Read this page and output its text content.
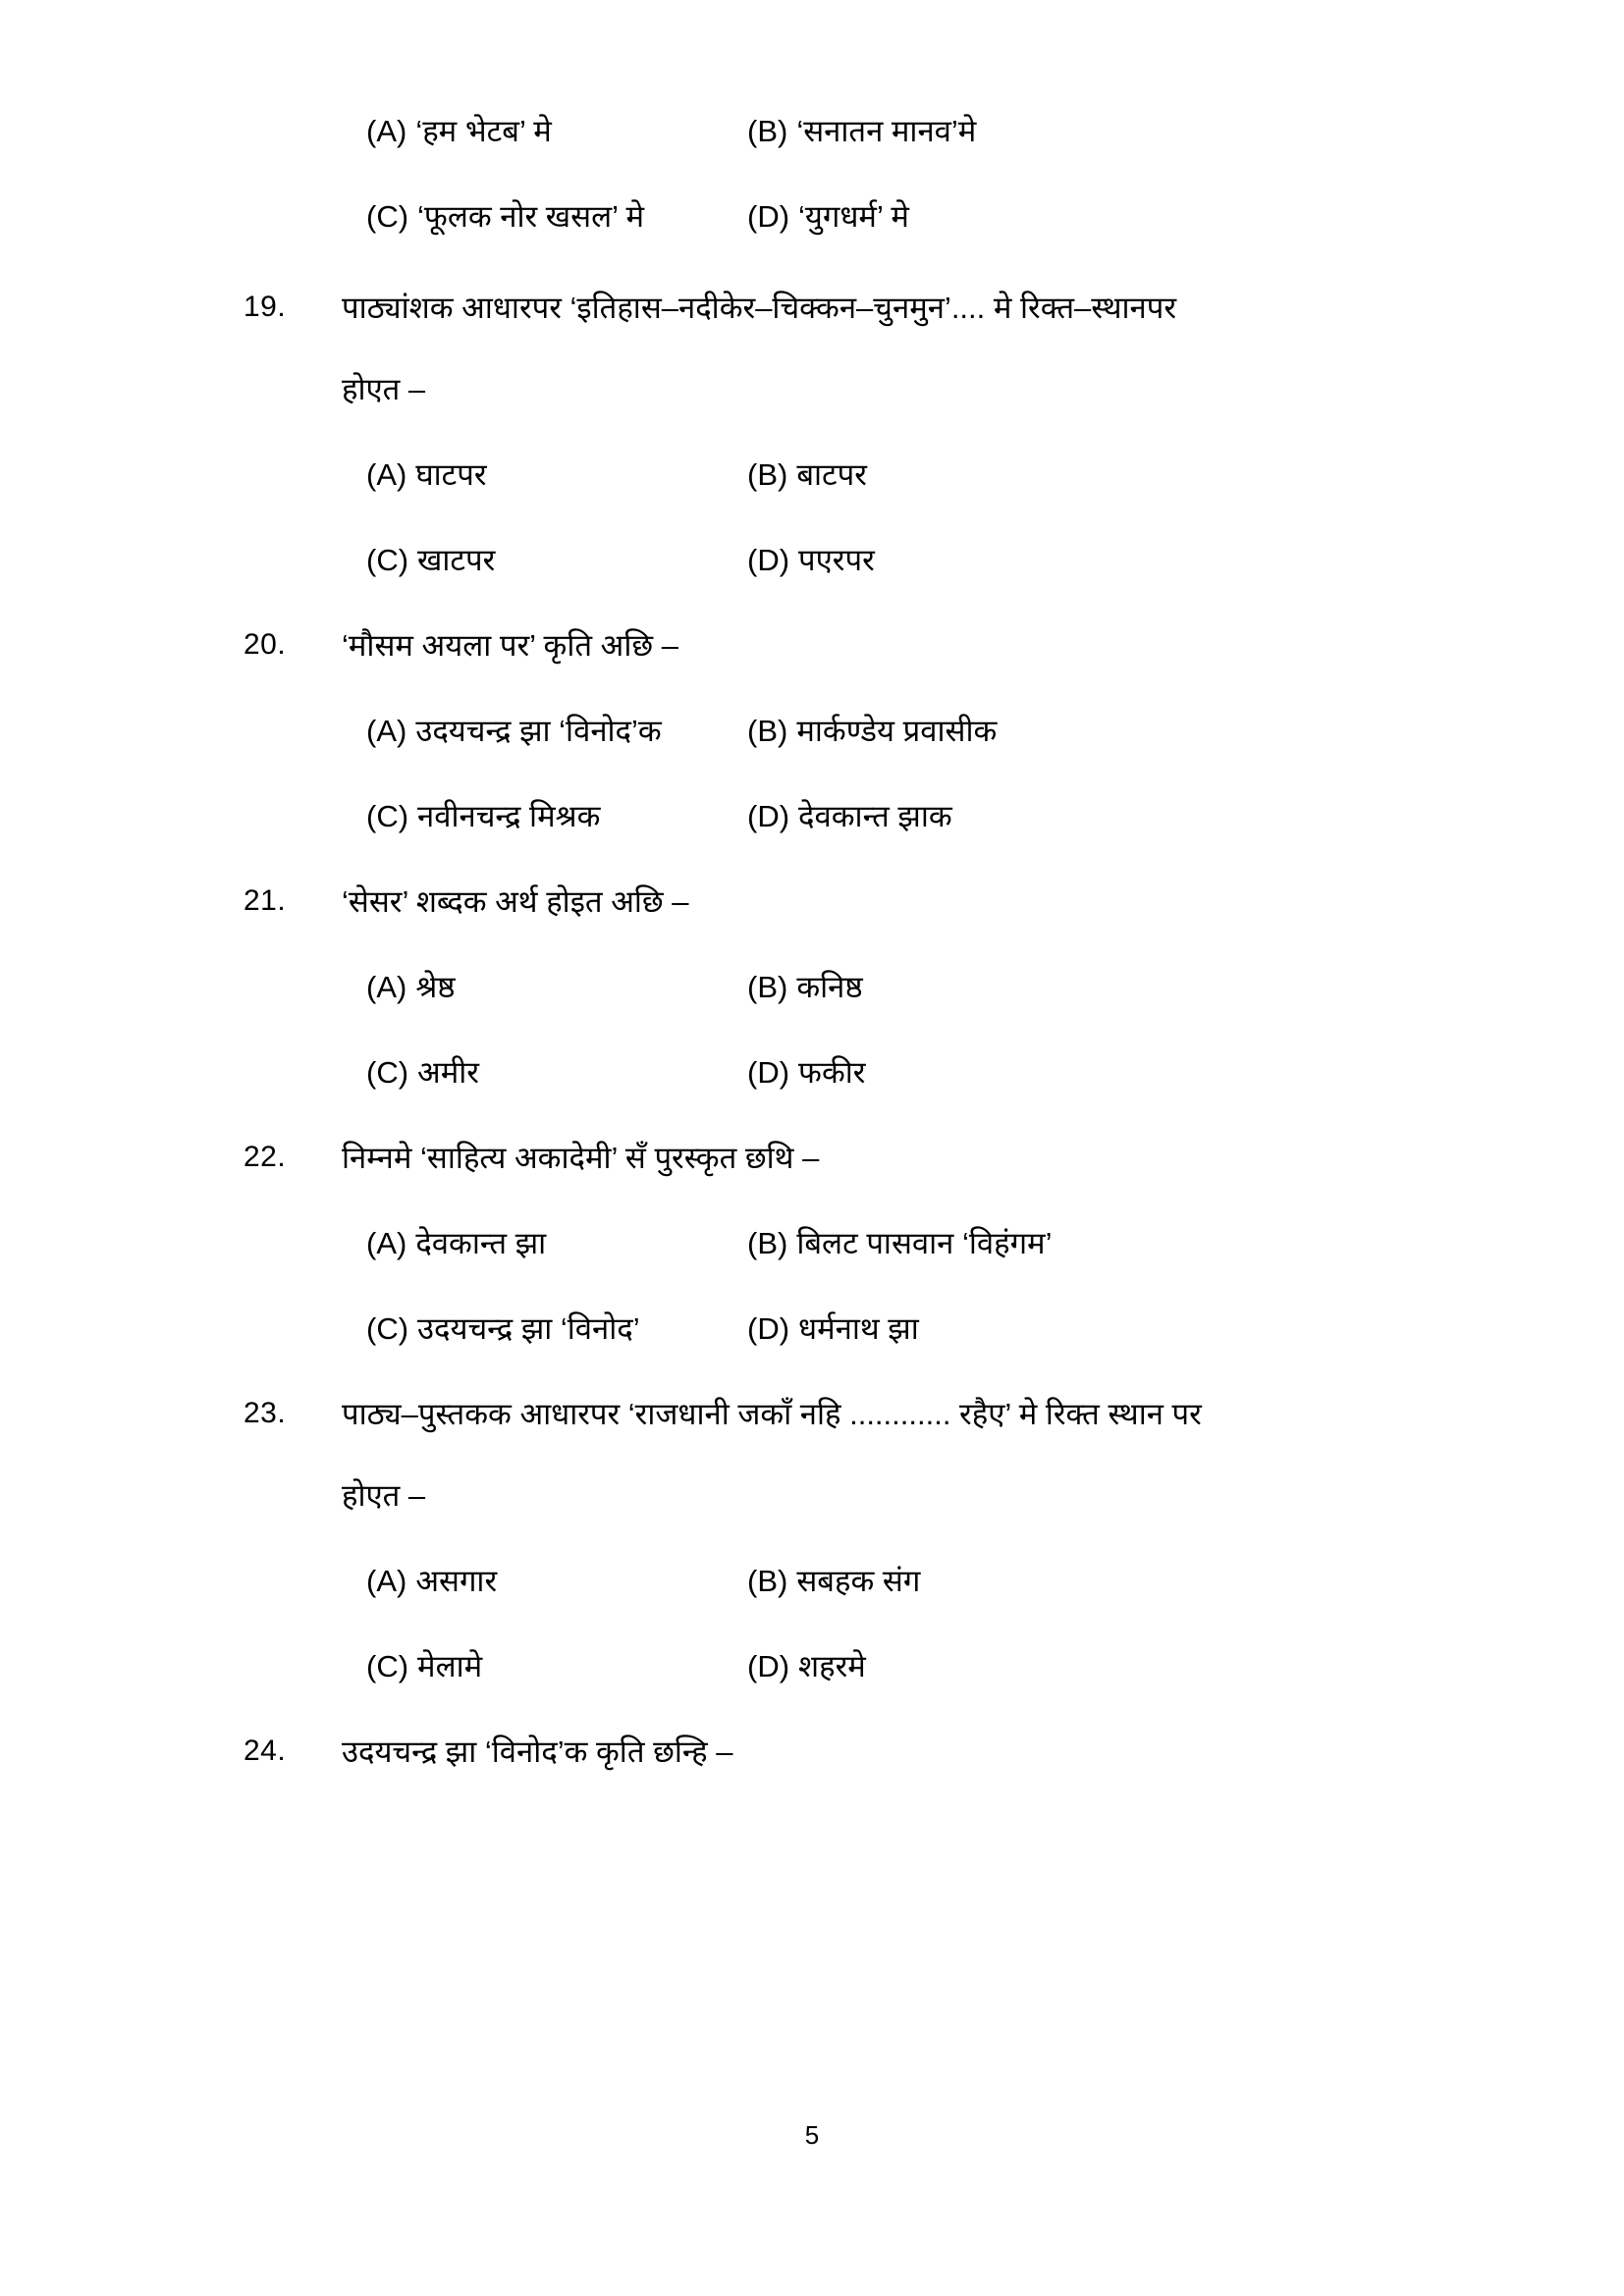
(A) ‘हम भेटब’ मे	(B) ‘सनातन मानव’मे
(C) ‘फूलक नोर खसल’ मे	(D) ‘युगधर्म’ मे
19.	पाठ्यांशक आधारपर ‘इतिहास–नदीकेर–चिक्कन–चुनमुन’.... मे रिक्त–स्थानपर
होएत –
(A) घाटपर	(B) बाटपर
(C) खाटपर	(D) पएरपर
20.	‘मौसम अयला पर’ कृति अछि –
(A) उदयचन्द्र झा ‘विनोद’क	(B) मार्कण्डेय प्रवासीक
(C) नवीनचन्द्र मिश्रक	(D) देवकान्त झाक
21.	‘सेसर’ शब्दक अर्थ होइत अछि –
(A) श्रेष्ठ	(B) कनिष्ठ
(C) अमीर	(D) फकीर
22.	निम्नमे ‘साहित्य अकादेमी’ सँ पुरस्कृत छथि –
(A) देवकान्त झा	(B) बिलट पासवान ‘विहंगम’
(C) उदयचन्द्र झा ‘विनोद’	(D) धर्मनाथ झा
23.	पाठ्य–पुस्तकक आधारपर ‘राजधानी जकाँ नहि ............ रहैए’ मे रिक्त स्थान पर
होएत –
(A) असगार	(B) सबहक संग
(C) मेलामे	(D) शहरमे
24.	उदयचन्द्र झा ‘विनोद’क कृति छन्हि –
5
